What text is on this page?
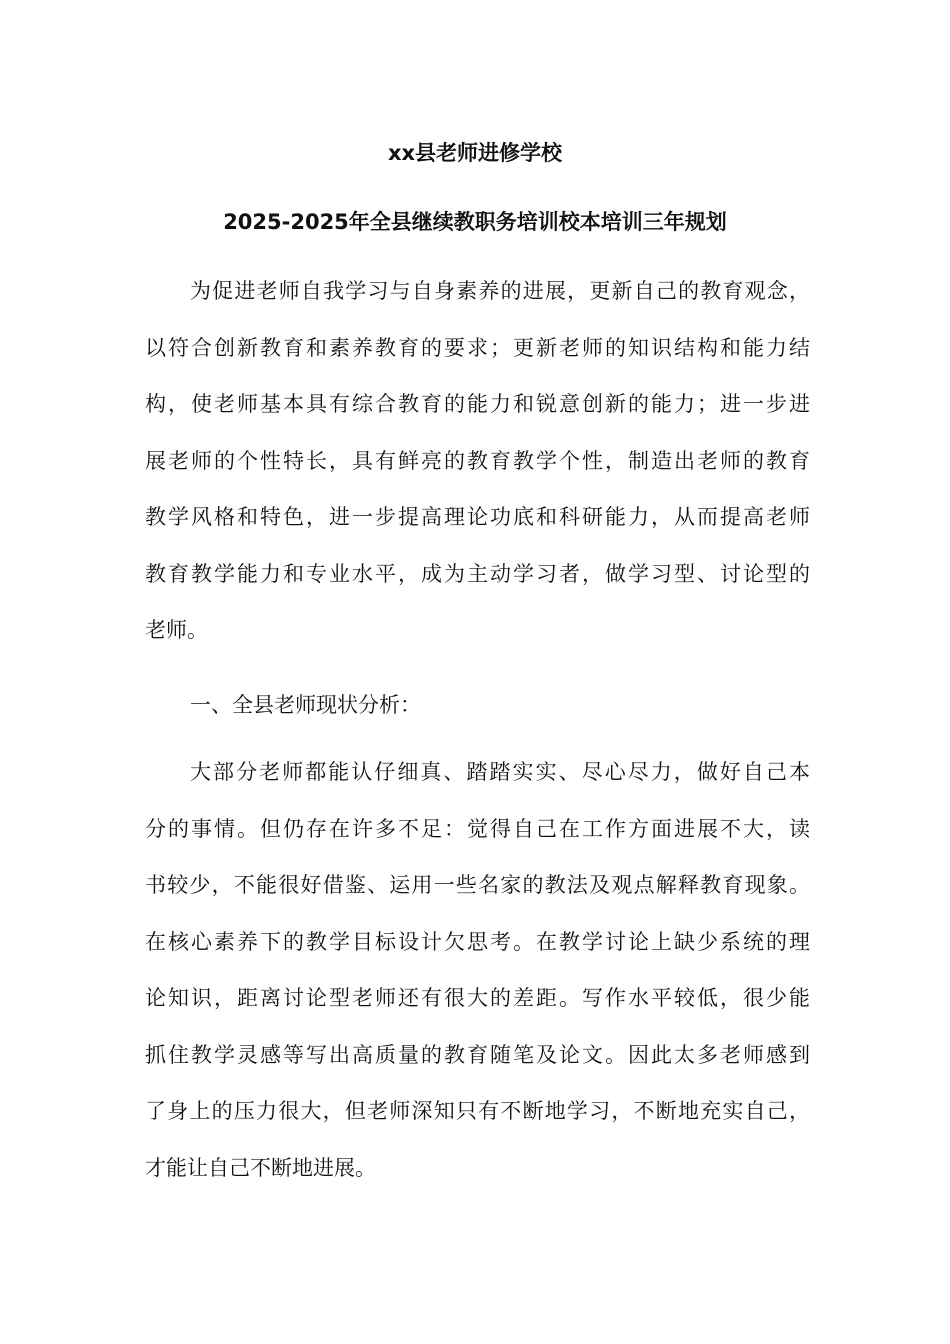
xx县老师进修学校
2025-2025年全县继续教职务培训校本培训三年规划
为促进老师自我学习与自身素养的进展，更新自己的教育观念，
以符合创新教育和素养教育的要求；更新老师的知识结构和能力结
构，使老师基本具有综合教育的能力和锐意创新的能力；进一步进
展老师的个性特长，具有鲜亮的教育教学个性，制造出老师的教育
教学风格和特色，进一步提高理论功底和科研能力，从而提高老师
教育教学能力和专业水平，成为主动学习者，做学习型、讨论型的
老师。
一、全县老师现状分析：
大部分老师都能认仔细真、踏踏实实、尽心尽力，做好自己本
分的事情。但仍存在许多不足：觉得自己在工作方面进展不大，读
书较少，不能很好借鉴、运用一些名家的教法及观点解释教育现象。
在核心素养下的教学目标设计欠思考。在教学讨论上缺少系统的理
论知识，距离讨论型老师还有很大的差距。写作水平较低，很少能
抓住教学灵感等写出高质量的教育随笔及论文。因此太多老师感到
了身上的压力很大，但老师深知只有不断地学习，不断地充实自己，
才能让自己不断地进展。
